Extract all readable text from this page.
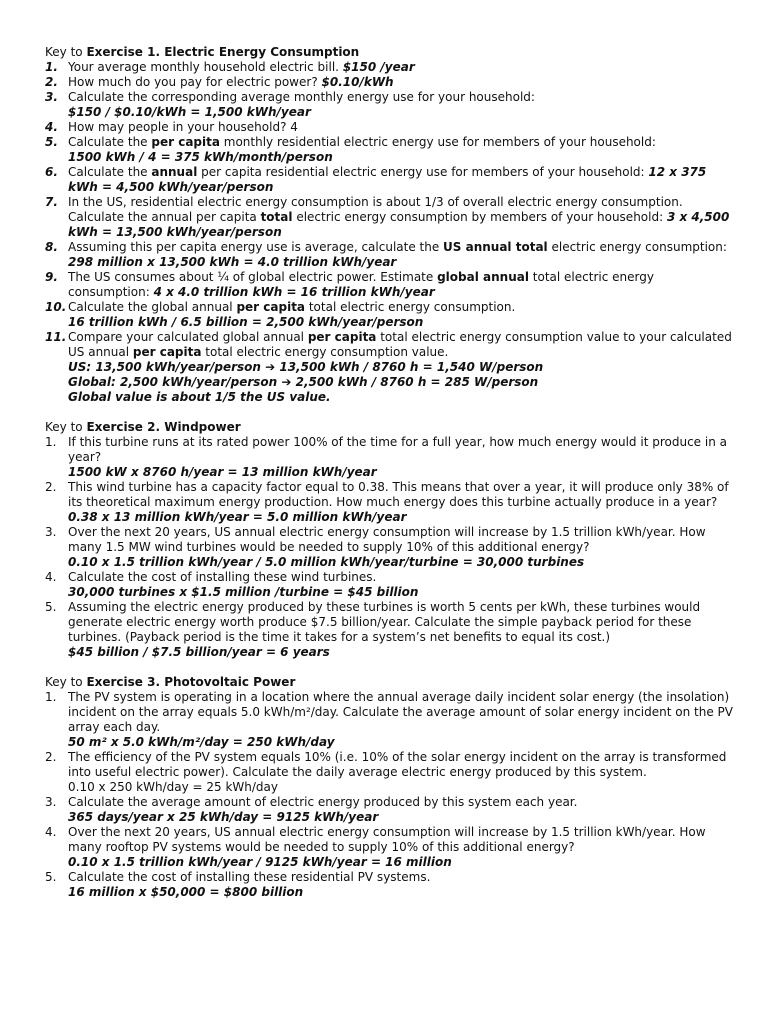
Key to Exercise 1. Electric Energy Consumption
1. Your average monthly household electric bill. $150 /year
2. How much do you pay for electric power? $0.10/kWh
3. Calculate the corresponding average monthly energy use for your household:
$150 / $0.10/kWh = 1,500 kWh/year
4. How may people in your household? 4
5. Calculate the per capita monthly residential electric energy use for members of your household:
1500 kWh / 4 = 375 kWh/month/person
6. Calculate the annual per capita residential electric energy use for members of your household: 12 x 375 kWh = 4,500 kWh/year/person
7. In the US, residential electric energy consumption is about 1/3 of overall electric energy consumption. Calculate the annual per capita total electric energy consumption by members of your household: 3 x 4,500 kWh = 13,500 kWh/year/person
8. Assuming this per capita energy use is average, calculate the US annual total electric energy consumption: 298 million x 13,500 kWh = 4.0 trillion kWh/year
9. The US consumes about ¼ of global electric power. Estimate global annual total electric energy consumption: 4 x 4.0 trillion kWh = 16 trillion kWh/year
10. Calculate the global annual per capita total electric energy consumption.
16 trillion kWh / 6.5 billion = 2,500 kWh/year/person
11. Compare your calculated global annual per capita total electric energy consumption value to your calculated US annual per capita total electric energy consumption value.
US: 13,500 kWh/year/person ➔ 13,500 kWh / 8760 h = 1,540 W/person
Global: 2,500 kWh/year/person ➔ 2,500 kWh / 8760 h = 285 W/person
Global value is about 1/5 the US value.
Key to Exercise 2. Windpower
1. If this turbine runs at its rated power 100% of the time for a full year, how much energy would it produce in a year?
1500 kW x 8760 h/year = 13 million kWh/year
2. This wind turbine has a capacity factor equal to 0.38. This means that over a year, it will produce only 38% of its theoretical maximum energy production. How much energy does this turbine actually produce in a year?
0.38 x 13 million kWh/year = 5.0 million kWh/year
3. Over the next 20 years, US annual electric energy consumption will increase by 1.5 trillion kWh/year. How many 1.5 MW wind turbines would be needed to supply 10% of this additional energy?
0.10 x 1.5 trillion kWh/year / 5.0 million kWh/year/turbine = 30,000 turbines
4. Calculate the cost of installing these wind turbines.
30,000 turbines x $1.5 million /turbine = $45 billion
5. Assuming the electric energy produced by these turbines is worth 5 cents per kWh, these turbines would generate electric energy worth produce $7.5 billion/year. Calculate the simple payback period for these turbines. (Payback period is the time it takes for a system’s net benefits to equal its cost.)
$45 billion / $7.5 billion/year = 6 years
Key to Exercise 3. Photovoltaic Power
1. The PV system is operating in a location where the annual average daily incident solar energy (the insolation) incident on the array equals 5.0 kWh/m²/day. Calculate the average amount of solar energy incident on the PV array each day.
50 m² x 5.0 kWh/m²/day = 250 kWh/day
2. The efficiency of the PV system equals 10% (i.e. 10% of the solar energy incident on the array is transformed into useful electric power). Calculate the daily average electric energy produced by this system.
0.10 x 250 kWh/day = 25 kWh/day
3. Calculate the average amount of electric energy produced by this system each year.
365 days/year x 25 kWh/day = 9125 kWh/year
4. Over the next 20 years, US annual electric energy consumption will increase by 1.5 trillion kWh/year. How many rooftop PV systems would be needed to supply 10% of this additional energy?
0.10 x 1.5 trillion kWh/year / 9125 kWh/year = 16 million
5. Calculate the cost of installing these residential PV systems.
16 million x $50,000 = $800 billion
